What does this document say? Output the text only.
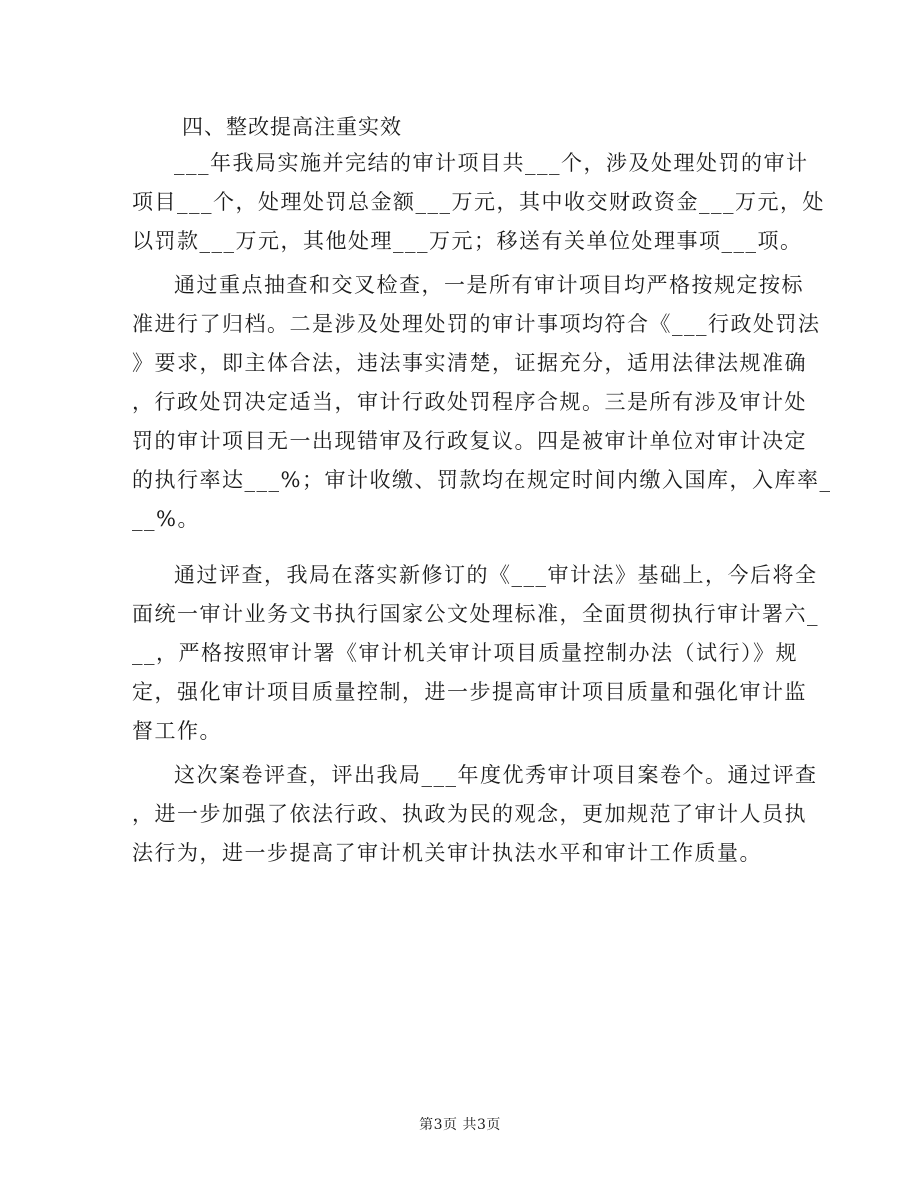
四、整改提高注重实效
___年我局实施并完结的审计项目共___个，涉及处理处罚的审计
项目___个，处理处罚总金额___万元，其中收交财政资金___万元，处
以罚款___万元，其他处理___万元；移送有关单位处理事项___项。
通过重点抽查和交叉检查，一是所有审计项目均严格按规定按标
准进行了归档。二是涉及处理处罚的审计事项均符合《___行政处罚法
》要求，即主体合法，违法事实清楚，证据充分，适用法律法规准确
，行政处罚决定适当，审计行政处罚程序合规。三是所有涉及审计处
罚的审计项目无一出现错审及行政复议。四是被审计单位对审计决定
的执行率达___%；审计收缴、罚款均在规定时间内缴入国库，入库率_
__%。
通过评查，我局在落实新修订的《___审计法》基础上，今后将全
面统一审计业务文书执行国家公文处理标准，全面贯彻执行审计署六_
__，严格按照审计署《审计机关审计项目质量控制办法（试行）》规
定，强化审计项目质量控制，进一步提高审计项目质量和强化审计监
督工作。
这次案卷评查，评出我局___年度优秀审计项目案卷个。通过评查
，进一步加强了依法行政、执政为民的观念，更加规范了审计人员执
法行为，进一步提高了审计机关审计执法水平和审计工作质量。
第3页 共3页
